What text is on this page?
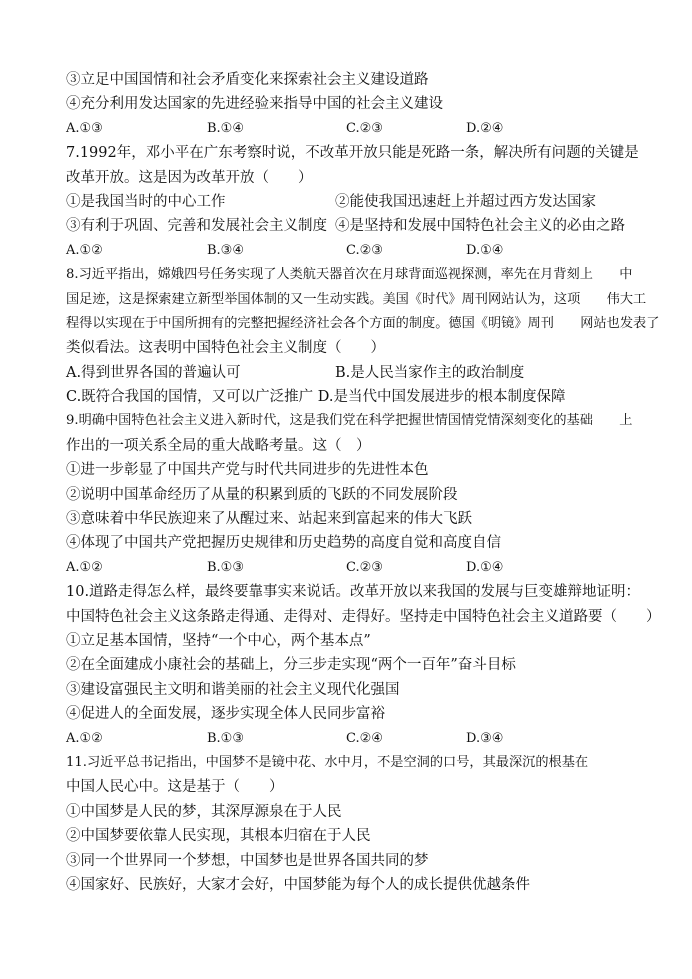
③立足中国国情和社会矛盾变化来探索社会主义建设道路
④充分利用发达国家的先进经验来指导中国的社会主义建设
A.①③	B.①④	C.②③	D.②④
7.1992年，邓小平在广东考察时说，不改革开放只能是死路一条，解决所有问题的关键是
改革开放。这是因为改革开放（　　）
①是我国当时的中心工作	②能使我国迅速赶上并超过西方发达国家
③有利于巩固、完善和发展社会主义制度 ④是坚持和发展中国特色社会主义的必由之路
A.①②	B.③④	C.②③	D.①④
8.习近平指出，嫦娥四号任务实现了人类航天器首次在月球背面巡视探测，率先在月背刻上　　中
国足迹，这是探索建立新型举国体制的又一生动实践。美国《时代》周刊网站认为，这项　　伟大工
程得以实现在于中国所拥有的完整把握经济社会各个方面的制度。德国《明镜》周刊　　网站也发表了
类似看法。这表明中国特色社会主义制度（　　）
A.得到世界各国的普遍认可	B.是人民当家作主的政治制度
C.既符合我国的国情，又可以广泛推广 D.是当代中国发展进步的根本制度保障
9.明确中国特色社会主义进入新时代，这是我们党在科学把握世情国情党情深刻变化的基础　　上
作出的一项关系全局的重大战略考量。这（　）
①进一步彰显了中国共产党与时代共同进步的先进性本色
②说明中国革命经历了从量的积累到质的飞跃的不同发展阶段
③意味着中华民族迎来了从醒过来、站起来到富起来的伟大飞跃
④体现了中国共产党把握历史规律和历史趋势的高度自觉和高度自信
A.①②	B.①③	C.②③	D.①④
10.道路走得怎么样，最终要靠事实来说话。改革开放以来我国的发展与巨变雄辩地证明：
中国特色社会主义这条路走得通、走得对、走得好。坚持走中国特色社会主义道路要（　　）
①立足基本国情，坚持“一个中心，两个基本点”
②在全面建成小康社会的基础上，分三步走实现“两个一百年”奋斗目标
③建设富强民主文明和谐美丽的社会主义现代化强国
④促进人的全面发展，逐步实现全体人民同步富裕
A.①②	B.①③	C.②④	D.③④
11.习近平总书记指出，中国梦不是镜中花、水中月，不是空洞的口号，其最深沉的根基在
中国人民心中。这是基于（　　）
①中国梦是人民的梦，其深厚源泉在于人民
②中国梦要依靠人民实现，其根本归宿在于人民
③同一个世界同一个梦想，中国梦也是世界各国共同的梦
④国家好、民族好，大家才会好，中国梦能为每个人的成长提供优越条件
